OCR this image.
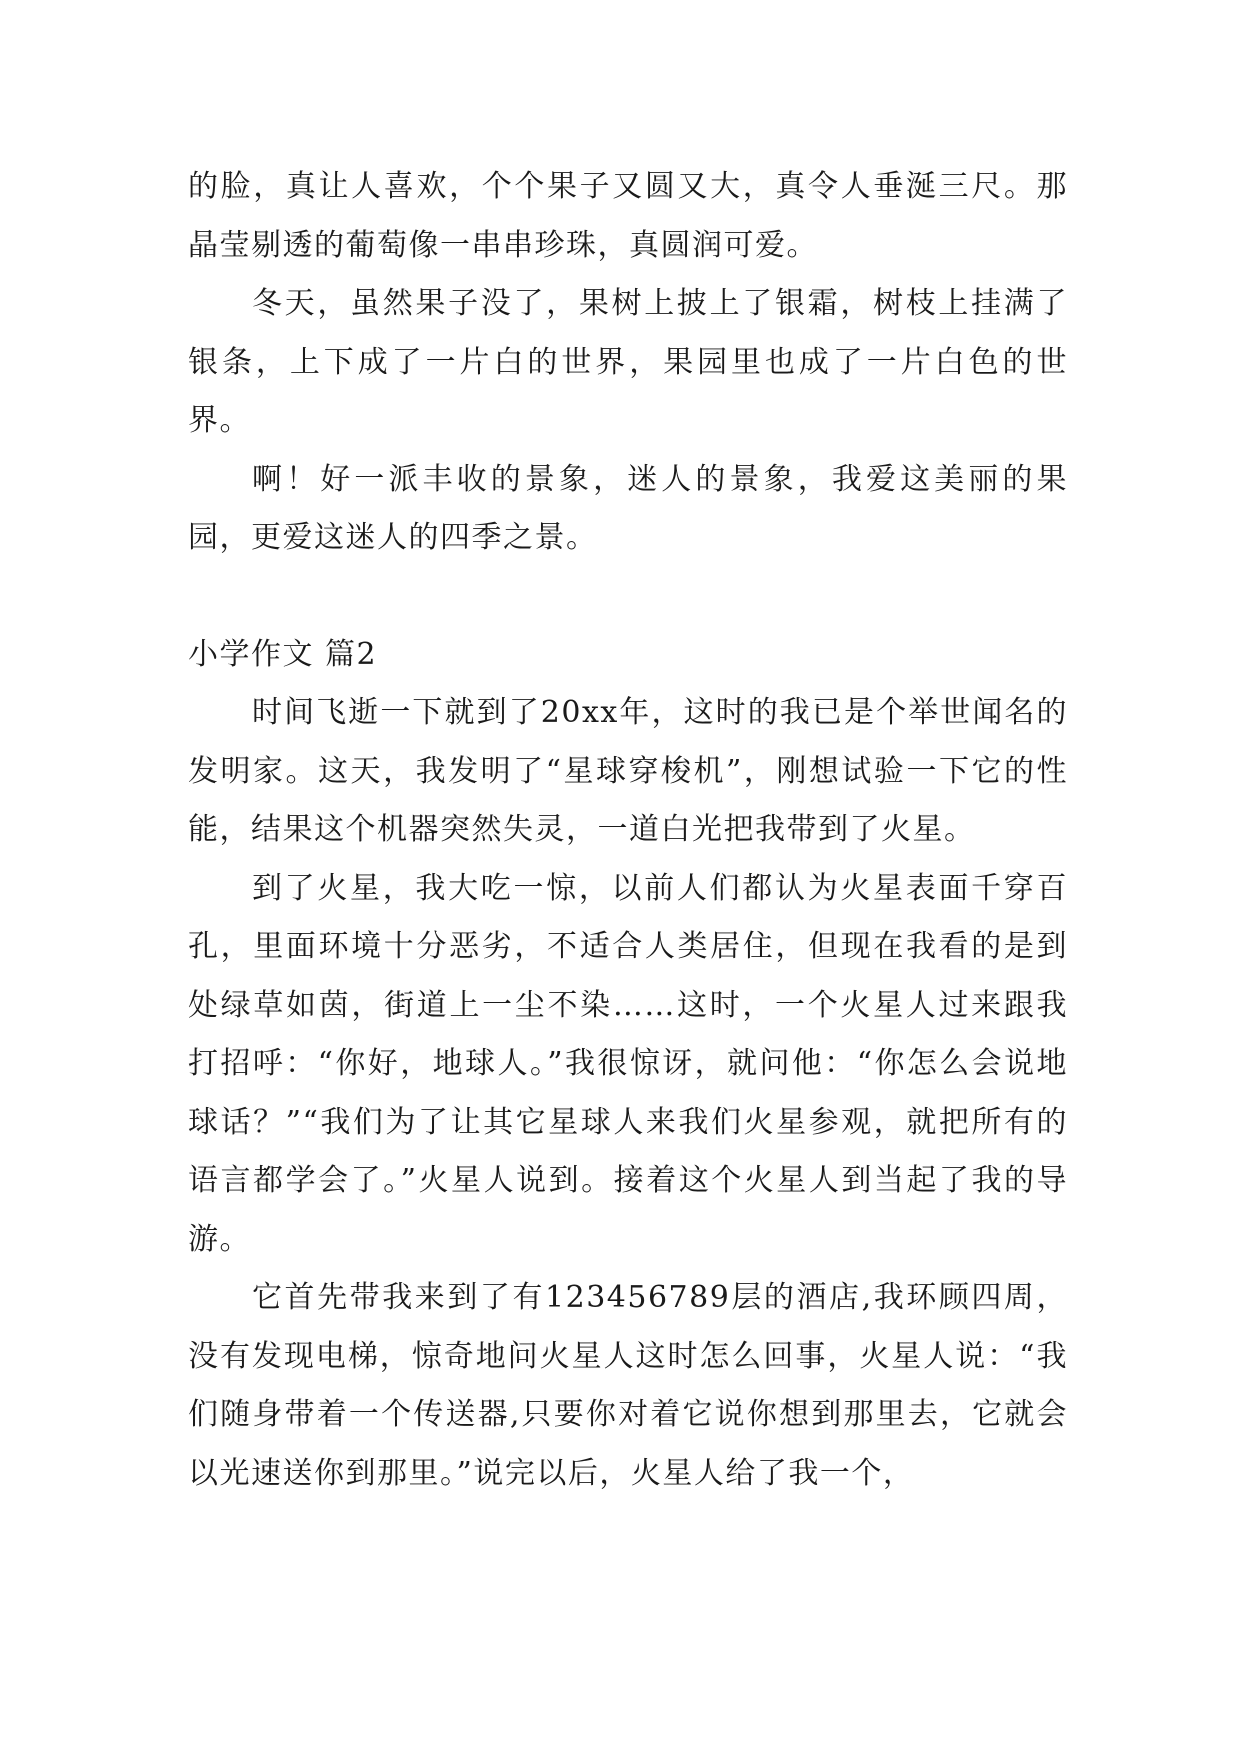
的脸，真让人喜欢，个个果子又圆又大，真令人垂涎三尺。那晶莹剔透的葡萄像一串串珍珠，真圆润可爱。

冬天，虽然果子没了，果树上披上了银霜，树枝上挂满了银条，上下成了一片白的世界，果园里也成了一片白色的世界。

啊！好一派丰收的景象，迷人的景象，我爱这美丽的果园，更爱这迷人的四季之景。

小学作文 篇2

时间飞逝一下就到了20xx年，这时的我已是个举世闻名的发明家。这天，我发明了“星球穿梭机”，刚想试验一下它的性能，结果这个机器突然失灵，一道白光把我带到了火星。

到了火星，我大吃一惊，以前人们都认为火星表面千穿百孔，里面环境十分恶劣，不适合人类居住，但现在我看的是到处绿草如茵，街道上一尘不染……这时，一个火星人过来跟我打招呼：“你好，地球人。”我很惊讶，就问他：“你怎么会说地球话？”“我们为了让其它星球人来我们火星参观，就把所有的语言都学会了。”火星人说到。接着这个火星人到当起了我的导游。

它首先带我来到了有123456789层的酒店,我环顾四周，没有发现电梯，惊奇地问火星人这时怎么回事，火星人说：“我们随身带着一个传送器,只要你对着它说你想到那里去，它就会以光速送你到那里。”说完以后，火星人给了我一个，
